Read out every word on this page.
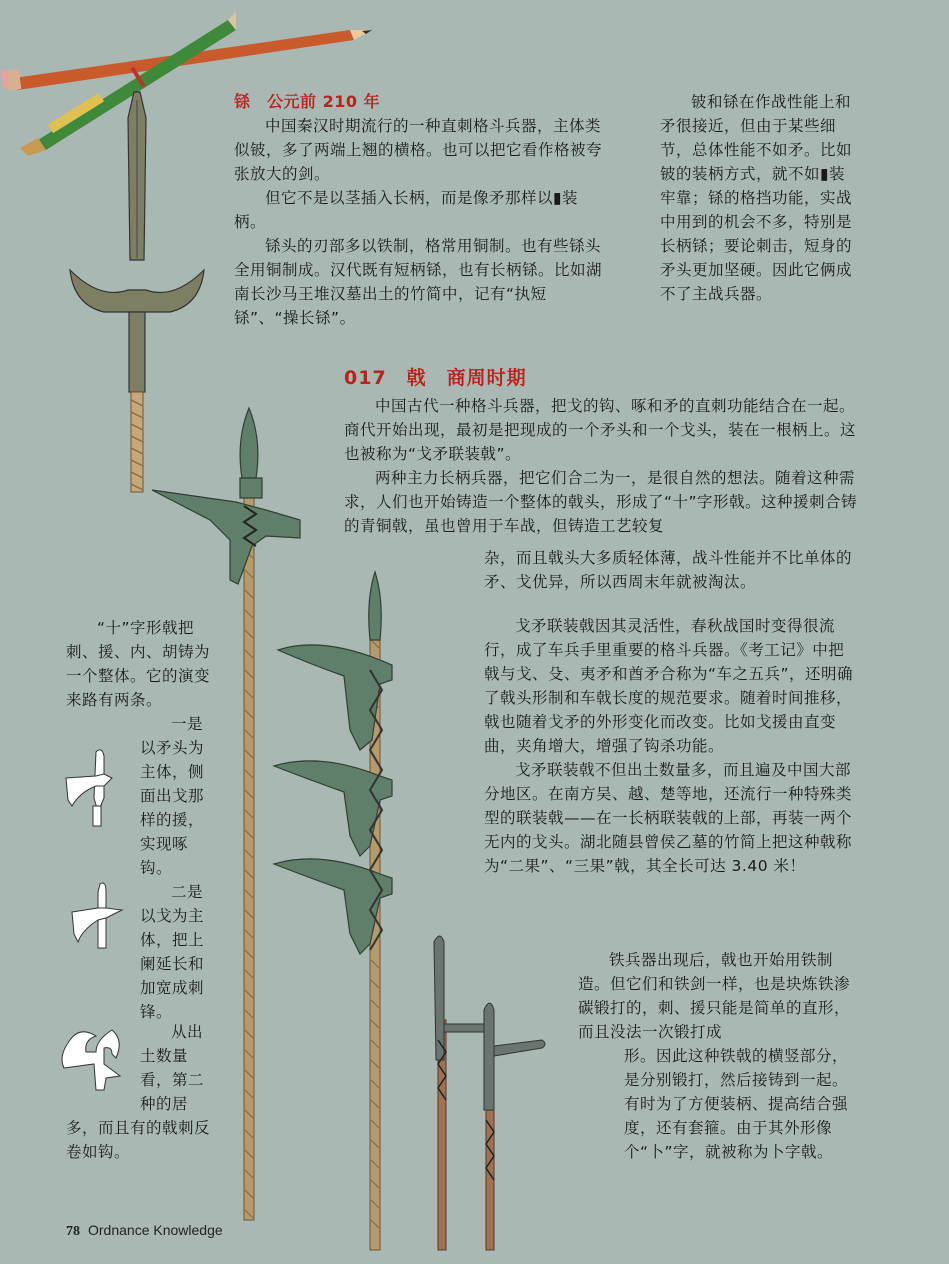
铩　公元前 210 年

中国秦汉时期流行的一种直刺格斗兵器，主体类似铍，多了两端上翘的横格。也可以把它看作格被夸张放大的剑。

但它不是以茎插入长柄，而是像矛那样以▮装柄。

铩头的刃部多以铁制，格常用铜制。也有些铩头全用铜制成。汉代既有短柄铩，也有长柄铩。比如湖南长沙马王堆汉墓出土的竹简中，记有“执短铩”、“操长铩”。

铍和铩在作战性能上和矛很接近，但由于某些细节，总体性能不如矛。比如铍的装柄方式，就不如▮装牢靠；铩的格挡功能，实战中用到的机会不多，特别是长柄铩；要论刺击，短身的矛头更加坚硬。因此它俩成不了主战兵器。

017　戟　商周时期

中国古代一种格斗兵器，把戈的钩、啄和矛的直刺功能结合在一起。商代开始出现，最初是把现成的一个矛头和一个戈头，装在一根柄上。这也被称为“戈矛联装戟”。

两种主力长柄兵器，把它们合二为一，是很自然的想法。随着这种需求，人们也开始铸造一个整体的戟头，形成了“十”字形戟。这种援刺合铸的青铜戟，虽也曾用于车战，但铸造工艺较复

杂，而且戟头大多质轻体薄，战斗性能并不比单体的矛、戈优异，所以西周末年就被淘汰。

“十”字形戟把刺、援、内、胡铸为一个整体。它的演变来路有两条。

一是以矛头为主体，侧面出戈那样的援，实现啄钩。

二是以戈为主体，把上阑延长和加宽成刺锋。

从出土数量看，第二种的居

多，而且有的戟刺反卷如钩。

戈矛联装戟因其灵活性，春秋战国时变得很流行，成了车兵手里重要的格斗兵器。《考工记》中把戟与戈、殳、夷矛和酋矛合称为“车之五兵”，还明确了戟头形制和车戟长度的规范要求。随着时间推移，戟也随着戈矛的外形变化而改变。比如戈援由直变曲，夹角增大，增强了钩杀功能。

戈矛联装戟不但出土数量多，而且遍及中国大部分地区。在南方吴、越、楚等地，还流行一种特殊类型的联装戟——在一长柄联装戟的上部，再装一两个无内的戈头。湖北随县曾侯乙墓的竹简上把这种戟称为“二果”、“三果”戟，其全长可达 3.40 米！

铁兵器出现后，戟也开始用铁制造。但它们和铁剑一样，也是块炼铁渗碳锻打的，刺、援只能是简单的直形，而且没法一次锻打成

形。因此这种铁戟的横竖部分，是分别锻打，然后接铸到一起。有时为了方便装柄、提高结合强度，还有套箍。由于其外形像个“卜”字，就被称为卜字戟。

78 Ordnance Knowledge
